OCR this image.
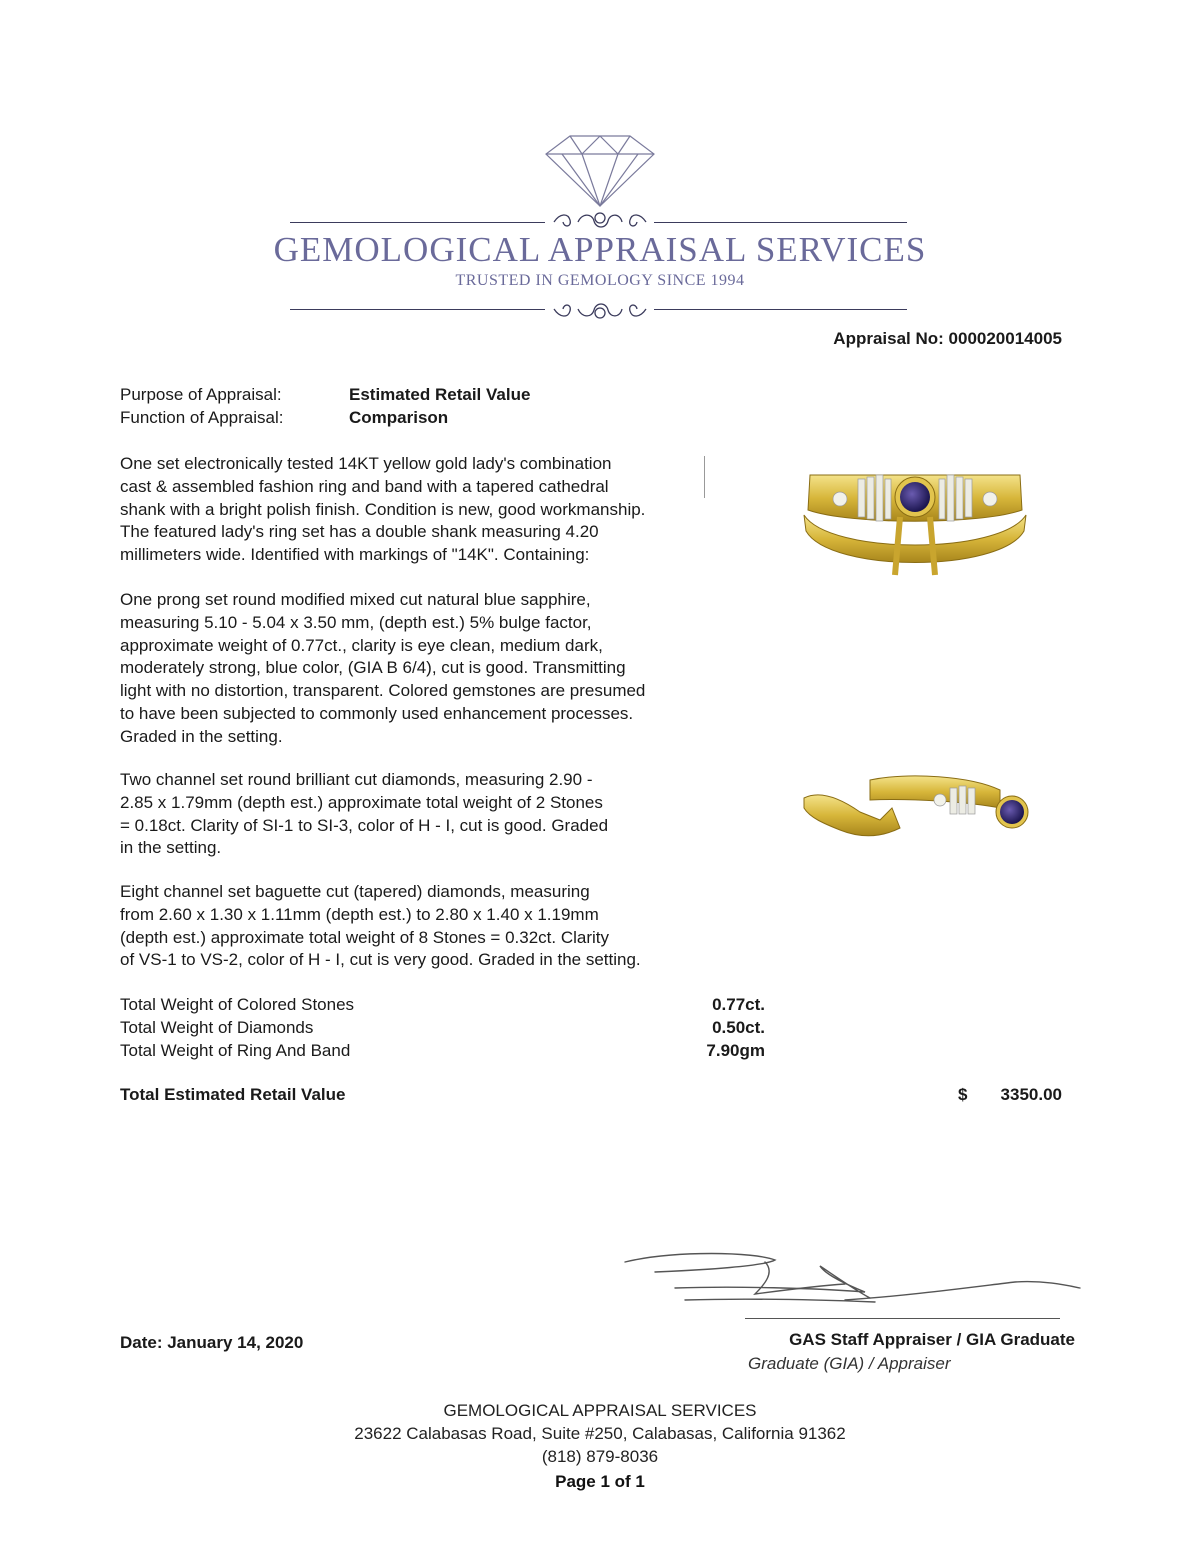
GEMOLOGICAL APPRAISAL SERVICES
TRUSTED IN GEMOLOGY SINCE 1994
Appraisal No: 000020014005
Purpose of Appraisal:	Estimated Retail Value
Function of Appraisal:	Comparison
One set electronically tested 14KT yellow gold lady's combination
cast & assembled fashion ring and band with a tapered cathedral
shank with a bright polish finish. Condition is new, good workmanship.
The featured lady's ring set has a double shank measuring 4.20
millimeters wide. Identified with markings of "14K". Containing:
One prong set round modified mixed cut natural blue sapphire,
measuring 5.10 - 5.04 x 3.50 mm, (depth est.) 5% bulge factor,
approximate weight of 0.77ct., clarity is eye clean, medium dark,
moderately strong, blue color, (GIA B 6/4), cut is good. Transmitting
light with no distortion, transparent. Colored gemstones are presumed
to have been subjected to commonly used enhancement processes.
Graded in the setting.
Two channel set round brilliant cut diamonds, measuring 2.90 -
2.85 x 1.79mm (depth est.) approximate total weight of 2 Stones
= 0.18ct. Clarity of SI-1 to SI-3, color of H - I, cut is good. Graded
in the setting.
Eight channel set baguette cut (tapered) diamonds, measuring
from 2.60 x 1.30 x 1.11mm (depth est.) to 2.80 x 1.40 x 1.19mm
(depth est.) approximate total weight of 8 Stones = 0.32ct. Clarity
of VS-1 to VS-2, color of H - I, cut is very good. Graded in the setting.
Total Weight of Colored Stones	0.77ct.
Total Weight of Diamonds	0.50ct.
Total Weight of Ring And Band	7.90gm
Total Estimated Retail Value	$ 3350.00
Date: January 14, 2020	GAS Staff Appraiser / GIA Graduate
Graduate (GIA) / Appraiser
GEMOLOGICAL APPRAISAL SERVICES
23622 Calabasas Road, Suite #250, Calabasas, California 91362
(818) 879-8036
Page 1 of 1
